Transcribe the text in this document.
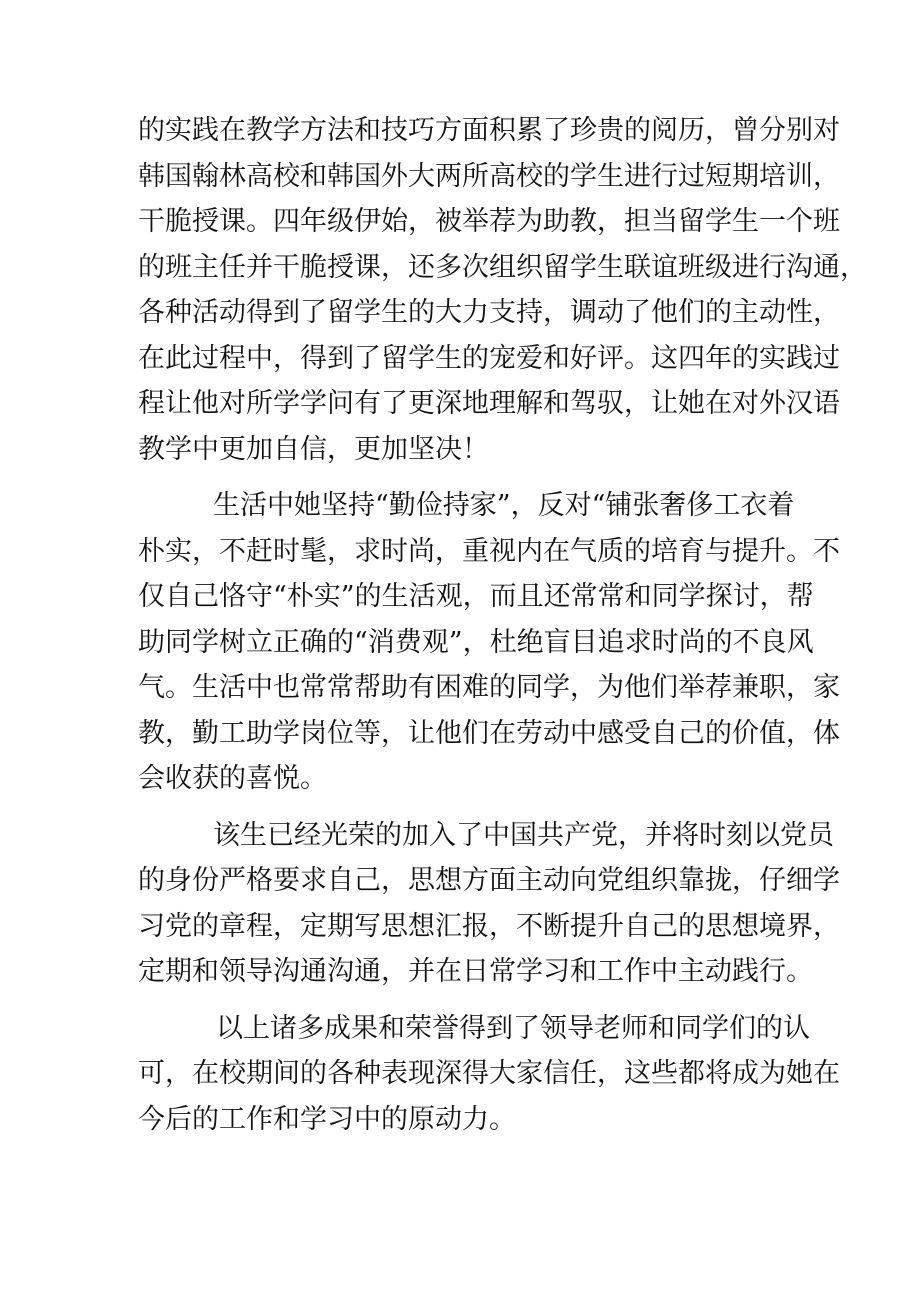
的实践在教学方法和技巧方面积累了珍贵的阅历，曾分别对
韩国翰林高校和韩国外大两所高校的学生进行过短期培训，
干脆授课。四年级伊始，被举荐为助教，担当留学生一个班
的班主任并干脆授课，还多次组织留学生联谊班级进行沟通，
各种活动得到了留学生的大力支持，调动了他们的主动性，
在此过程中，得到了留学生的宠爱和好评。这四年的实践过
程让他对所学学问有了更深地理解和驾驭，让她在对外汉语
教学中更加自信，更加坚决！
生活中她坚持“勤俭持家”，反对“铺张奢侈工衣着
朴实，不赶时髦，求时尚，重视内在气质的培育与提升。不
仅自己恪守“朴实”的生活观，而且还常常和同学探讨，帮
助同学树立正确的“消费观”，杜绝盲目追求时尚的不良风
气。生活中也常常帮助有困难的同学，为他们举荐兼职，家
教，勤工助学岗位等，让他们在劳动中感受自己的价值，体
会收获的喜悦。
该生已经光荣的加入了中国共产党，并将时刻以党员
的身份严格要求自己，思想方面主动向党组织靠拢，仔细学
习党的章程，定期写思想汇报，不断提升自己的思想境界，
定期和领导沟通沟通，并在日常学习和工作中主动践行。
以上诸多成果和荣誉得到了领导老师和同学们的认
可，在校期间的各种表现深得大家信任，这些都将成为她在
今后的工作和学习中的原动力。
